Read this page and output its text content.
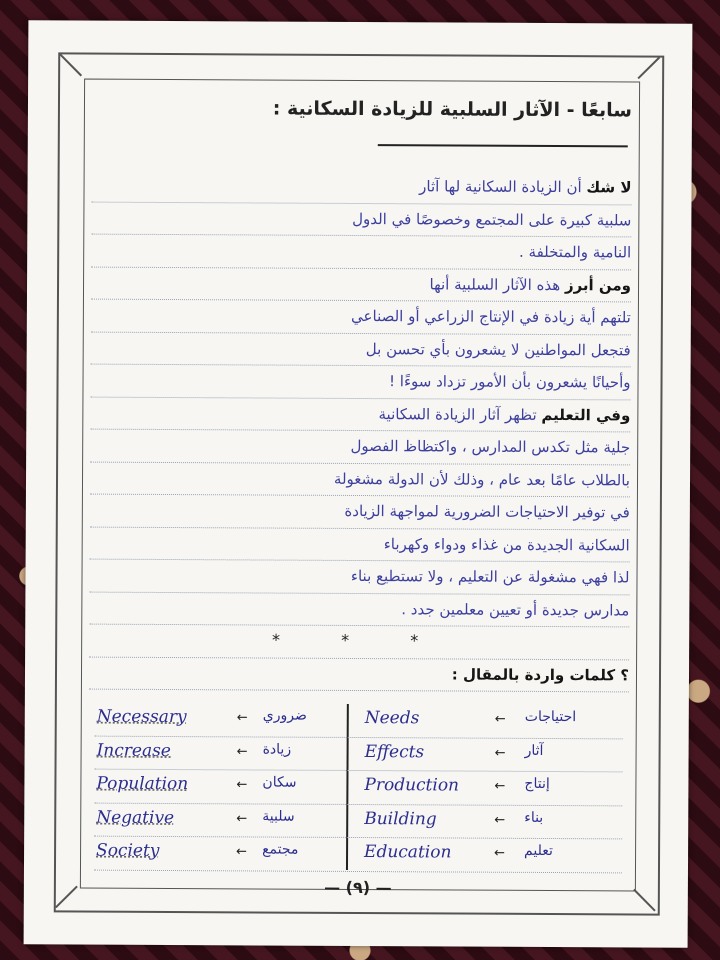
سابعًا - الآثار السلبية للزيادة السكانية :
لا شك أن الزيادة السكانية لها آثار
سلبية كبيرة على المجتمع وخصوصًا في الدول
النامية والمتخلفة .
ومن أبرز هذه الآثار السلبية أنها
تلتهم أية زيادة في الإنتاج الزراعي أو الصناعي
فتجعل المواطنين لا يشعرون بأي تحسن بل
وأحيانًا يشعرون بأن الأمور تزداد سوءًا !
وفي التعليم تظهر آثار الزيادة السكانية
جلية مثل تكدس المدارس ، واكتظاظ الفصول
بالطلاب عامًا بعد عام ، وذلك لأن الدولة مشغولة
في توفير الاحتياجات الضرورية لمواجهة الزيادة
السكانية الجديدة من غذاء ودواء وكهرباء
لذا فهي مشغولة عن التعليم ، ولا تستطيع بناء
مدارس جديدة أو تعيين معلمين جدد .
* * *
؟ كلمات واردة بالمقال :
Necessary	← ضروري	Needs	← احتياجات
Increase	← زيادة	Effects	← آثار
Population	← سكان	Production	← إنتاج
Negative	← سلبية	Building	← بناء
Society	← مجتمع	Education	← تعليم
— (٩) —
